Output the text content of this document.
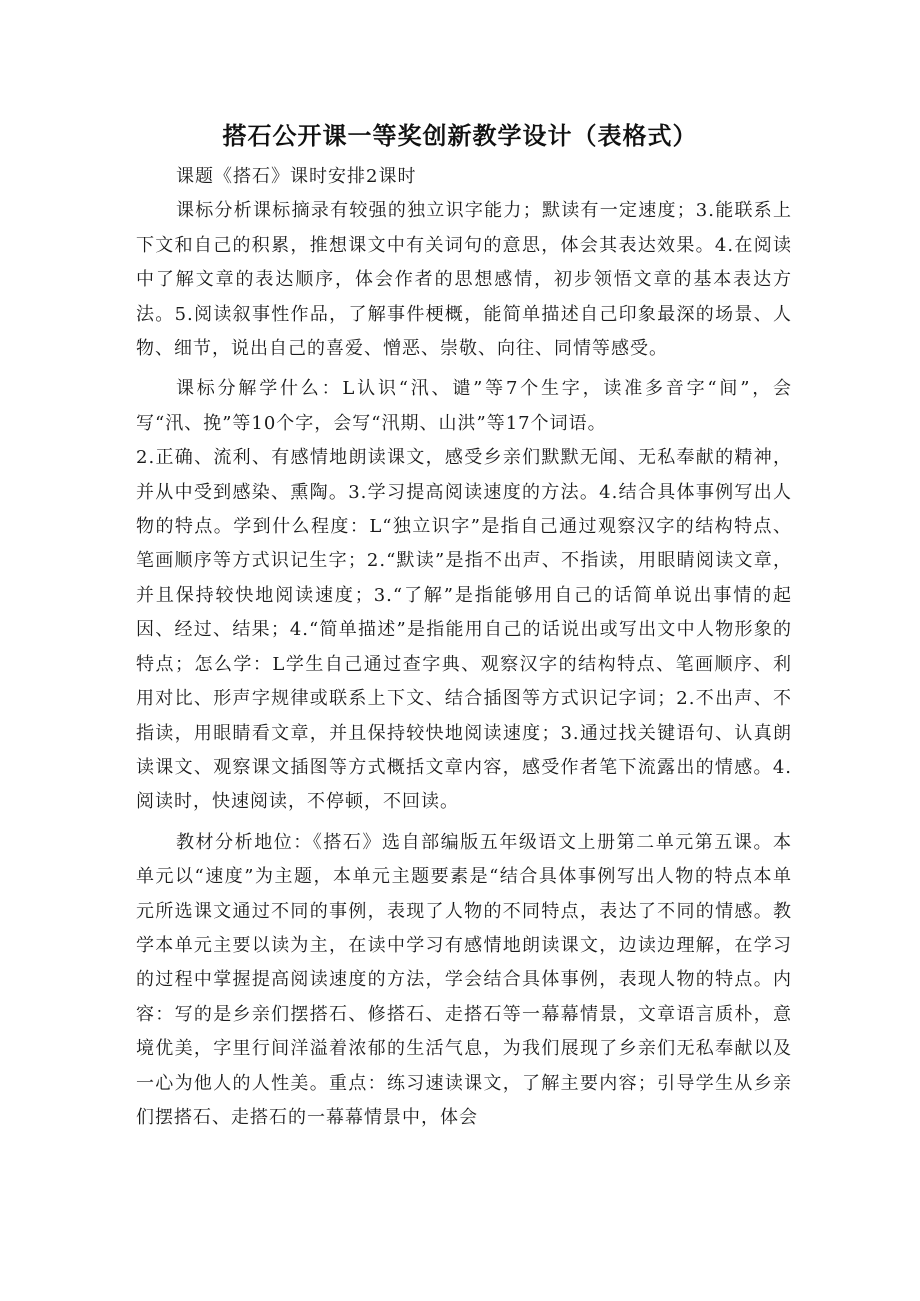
搭石公开课一等奖创新教学设计（表格式）

课题《搭石》课时安排2课时

课标分析课标摘录有较强的独立识字能力；默读有一定速度；3.能联系上下文和自己的积累，推想课文中有关词句的意思，体会其表达效果。4.在阅读中了解文章的表达顺序，体会作者的思想感情，初步领悟文章的基本表达方法。5.阅读叙事性作品，了解事件梗概，能简单描述自己印象最深的场景、人物、细节，说出自己的喜爱、憎恶、崇敬、向往、同情等感受。

课标分解学什么：L认识“汛、谴”等7个生字，读准多音字“间”，会写“汛、挽”等10个字，会写“汛期、山洪”等17个词语。

2.正确、流利、有感情地朗读课文，感受乡亲们默默无闻、无私奉献的精神，并从中受到感染、熏陶。3.学习提高阅读速度的方法。4.结合具体事例写出人物的特点。学到什么程度：L“独立识字”是指自己通过观察汉字的结构特点、笔画顺序等方式识记生字；2.“默读”是指不出声、不指读，用眼睛阅读文章，并且保持较快地阅读速度；3.“了解”是指能够用自己的话简单说出事情的起因、经过、结果；4.“简单描述”是指能用自己的话说出或写出文中人物形象的特点；怎么学：L学生自己通过查字典、观察汉字的结构特点、笔画顺序、利用对比、形声字规律或联系上下文、结合插图等方式识记字词；2.不出声、不指读，用眼睛看文章，并且保持较快地阅读速度；3.通过找关键语句、认真朗读课文、观察课文插图等方式概括文章内容，感受作者笔下流露出的情感。4.阅读时，快速阅读，不停顿，不回读。

教材分析地位：《搭石》选自部编版五年级语文上册第二单元第五课。本单元以“速度”为主题，本单元主题要素是“结合具体事例写出人物的特点本单元所选课文通过不同的事例，表现了人物的不同特点，表达了不同的情感。教学本单元主要以读为主，在读中学习有感情地朗读课文，边读边理解，在学习的过程中掌握提高阅读速度的方法，学会结合具体事例，表现人物的特点。内容：写的是乡亲们摆搭石、修搭石、走搭石等一幕幕情景，文章语言质朴，意境优美，字里行间洋溢着浓郁的生活气息，为我们展现了乡亲们无私奉献以及一心为他人的人性美。重点：练习速读课文，了解主要内容；引导学生从乡亲们摆搭石、走搭石的一幕幕情景中，体会
